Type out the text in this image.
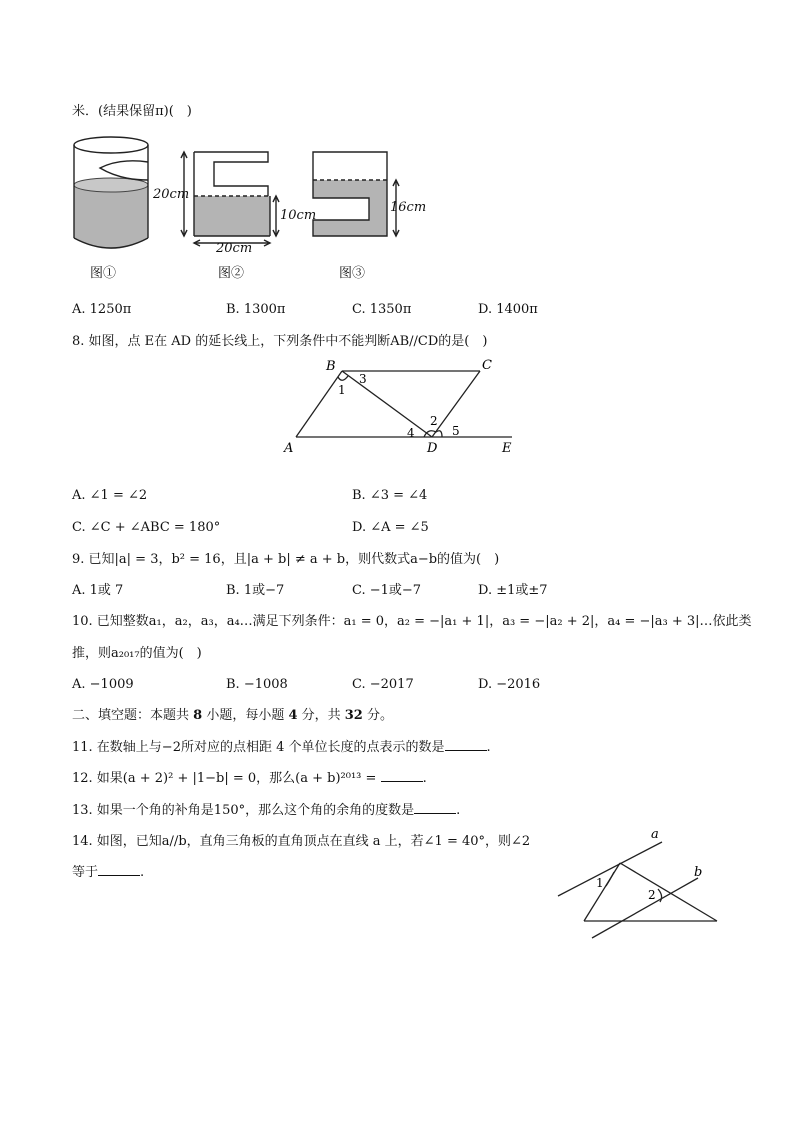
米．(结果保留π)(　)
20cm
10cm
20cm
16cm
图①	图②	图③
A. 1250π	B. 1300π	C. 1350π	D. 1400π
8. 如图，点 E在 AD 的延长线上，下列条件中不能判断AB//CD的是(　)
B	C
A	D	E
1
2
3
4	5
A. ∠1 = ∠2	B. ∠3 = ∠4
C. ∠C + ∠ABC = 180°	D. ∠A = ∠5
9. 已知|a| = 3，b² = 16，且|a + b| ≠ a + b，则代数式a−b的值为(　)
A. 1或 7	B. 1或−7	C. −1或−7	D. ±1或±7
10. 已知整数a₁，a₂，a₃，a₄…满足下列条件：a₁ = 0，a₂ = −|a₁ + 1|，a₃ = −|a₂ + 2|，a₄ = −|a₃ + 3|…依此类
推，则a₂₀₁₇的值为(　)
A. −1009	B. −1008	C. −2017	D. −2016
二、填空题：本题共 8 小题，每小题 4 分，共 32 分。
11. 在数轴上与−2所对应的点相距 4 个单位长度的点表示的数是	.
12. 如果(a + 2)² + |1−b| = 0，那么(a + b)²⁰¹³ =	.
13. 如果一个角的补角是150°，那么这个角的余角的度数是	.
14. 如图，已知a//b，直角三角板的直角顶点在直线 a 上，若∠1 = 40°，则∠2
等于	.
a
b
1
2
